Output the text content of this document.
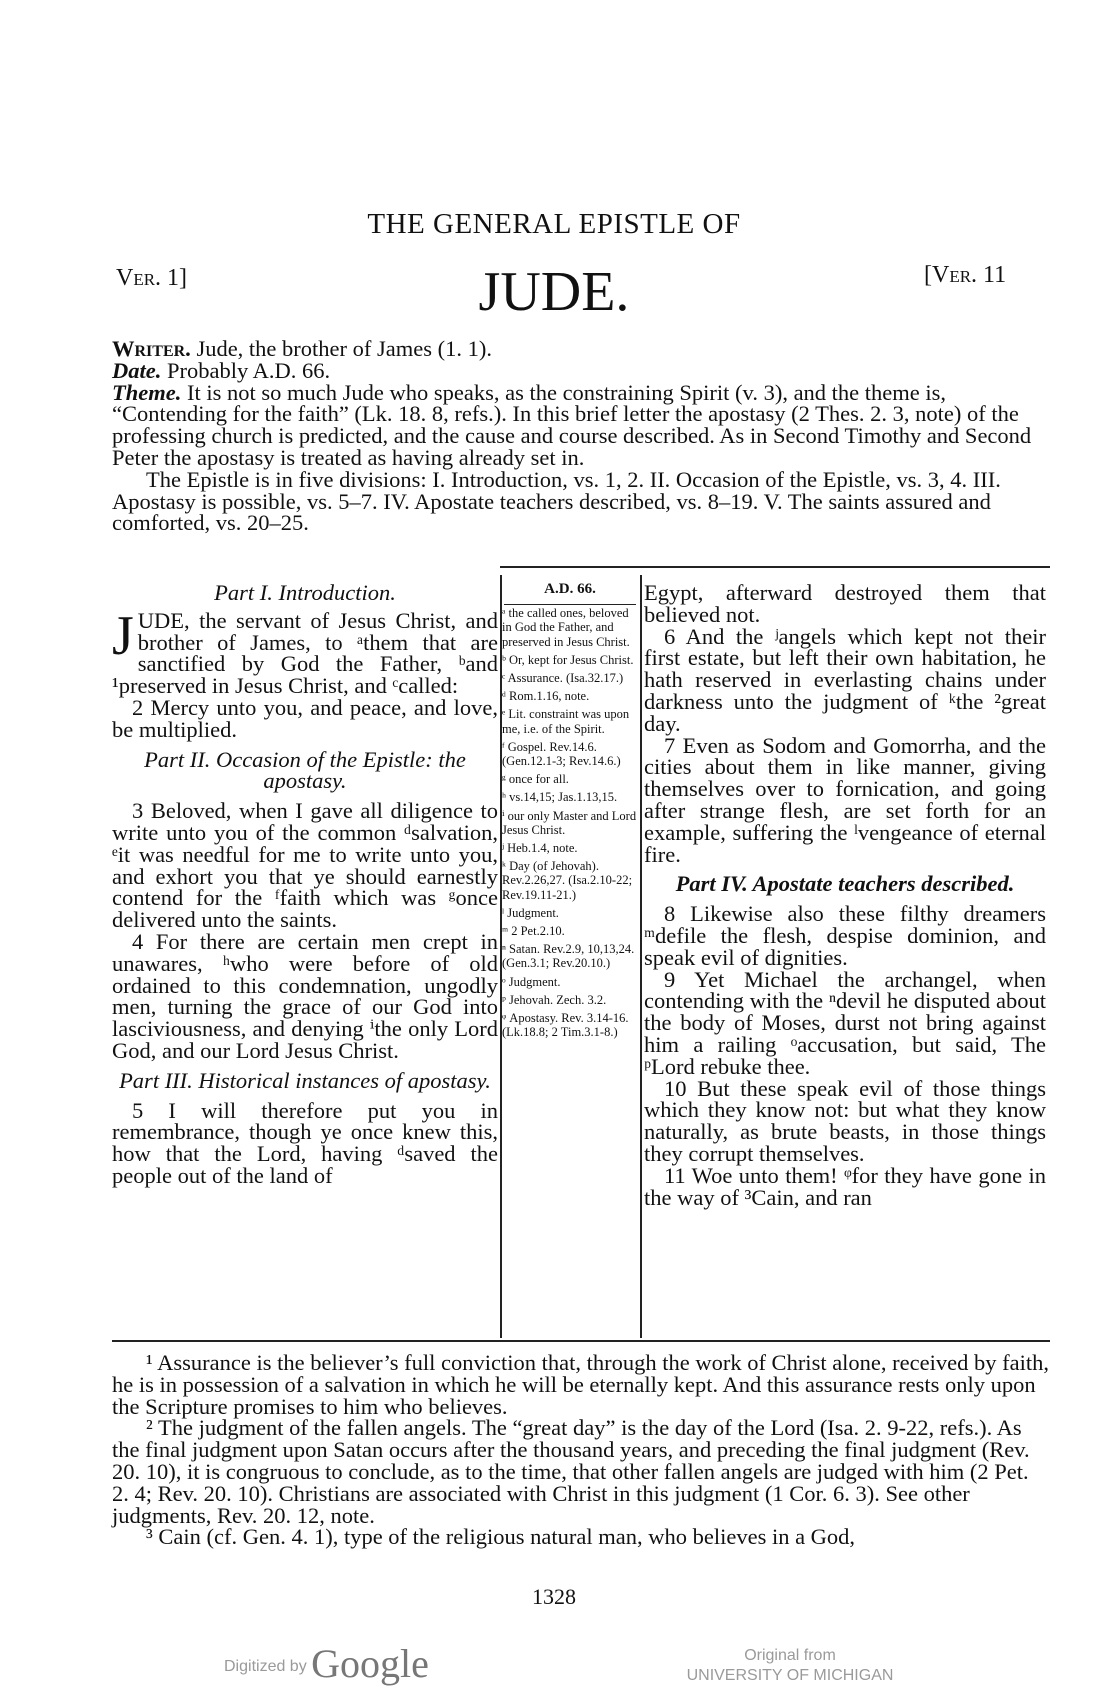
THE GENERAL EPISTLE OF
Ver. 1]	JUDE.	[Ver. 11

Writer. Jude, the brother of James (1. 1).

Date. Probably A.D. 66.

Theme. It is not so much Jude who speaks, as the constraining Spirit (v. 3), and the theme is, “Contending for the faith” (Lk. 18. 8, refs.). In this brief letter the apostasy (2 Thes. 2. 3, note) of the professing church is predicted, and the cause and course described. As in Second Timothy and Second Peter the apostasy is treated as having already set in.

The Epistle is in five divisions: I. Introduction, vs. 1, 2. II. Occasion of the Epistle, vs. 3, 4. III. Apostasy is possible, vs. 5–7. IV. Apostate teachers described, vs. 8–19. V. The saints assured and comforted, vs. 20–25.

Part I. Introduction.

JUDE, the servant of Jesus Christ, and brother of James, to ᵃthem that are sanctified by God the Father, ᵇand ¹preserved in Jesus Christ, and ᶜcalled:

2 Mercy unto you, and peace, and love, be multiplied.

Part II. Occasion of the Epistle: the apostasy.

3 Beloved, when I gave all diligence to write unto you of the common ᵈsalvation, ᵉit was needful for me to write unto you, and exhort you that ye should earnestly contend for the ᶠfaith which was ᵍonce delivered unto the saints.

4 For there are certain men crept in unawares, ʰwho were before of old ordained to this condemnation, ungodly men, turning the grace of our God into lasciviousness, and denying ⁱthe only Lord God, and our Lord Jesus Christ.

Part III. Historical instances of apostasy.

5 I will therefore put you in remembrance, though ye once knew this, how that the Lord, having ᵈsaved the people out of the land of

A.D. 66.
ᵃ the called ones, beloved in God the Father, and preserved in Jesus Christ.
ᵇ Or, kept for Jesus Christ.
ᶜ Assurance. (Isa.32.17.)
ᵈ Rom.1.16, note.
ᵉ Lit. constraint was upon me, i.e. of the Spirit.
ᶠ Gospel. Rev.14.6. (Gen.12.1-3; Rev.14.6.)
ᵍ once for all.
ʰ vs.14,15; Jas.1.13,15.
ⁱ our only Master and Lord Jesus Christ.
ʲ Heb.1.4, note.
ᵏ Day (of Jehovah). Rev.2.26,27. (Isa.2.10-22; Rev.19.11-21.)
ˡ Judgment.
ᵐ 2 Pet.2.10.
ⁿ Satan. Rev.2.9, 10,13,24. (Gen.3.1; Rev.20.10.)
ᵒ Judgment.
ᵖ Jehovah. Zech. 3.2.
ᵠ Apostasy. Rev. 3.14-16. (Lk.18.8; 2 Tim.3.1-8.)

Egypt, afterward destroyed them that believed not.

6 And the ʲangels which kept not their first estate, but left their own habitation, he hath reserved in everlasting chains under darkness unto the judgment of ᵏthe ²great day.

7 Even as Sodom and Gomorrha, and the cities about them in like manner, giving themselves over to fornication, and going after strange flesh, are set forth for an example, suffering the ˡvengeance of eternal fire.

Part IV. Apostate teachers described.

8 Likewise also these filthy dreamers ᵐdefile the flesh, despise dominion, and speak evil of dignities.

9 Yet Michael the archangel, when contending with the ⁿdevil he disputed about the body of Moses, durst not bring against him a railing ᵒaccusation, but said, The ᵖLord rebuke thee.

10 But these speak evil of those things which they know not: but what they know naturally, as brute beasts, in those things they corrupt themselves.

11 Woe unto them! ᵠfor they have gone in the way of ³Cain, and ran

¹ Assurance is the believer’s full conviction that, through the work of Christ alone, received by faith, he is in possession of a salvation in which he will be eternally kept. And this assurance rests only upon the Scripture promises to him who believes.

² The judgment of the fallen angels. The “great day” is the day of the Lord (Isa. 2. 9-22, refs.). As the final judgment upon Satan occurs after the thousand years, and preceding the final judgment (Rev. 20. 10), it is congruous to conclude, as to the time, that other fallen angels are judged with him (2 Pet. 2. 4; Rev. 20. 10). Christians are associated with Christ in this judgment (1 Cor. 6. 3). See other judgments, Rev. 20. 12, note.

³ Cain (cf. Gen. 4. 1), type of the religious natural man, who believes in a God,

1328
Digitized by Google	Original from
UNIVERSITY OF MICHIGAN
